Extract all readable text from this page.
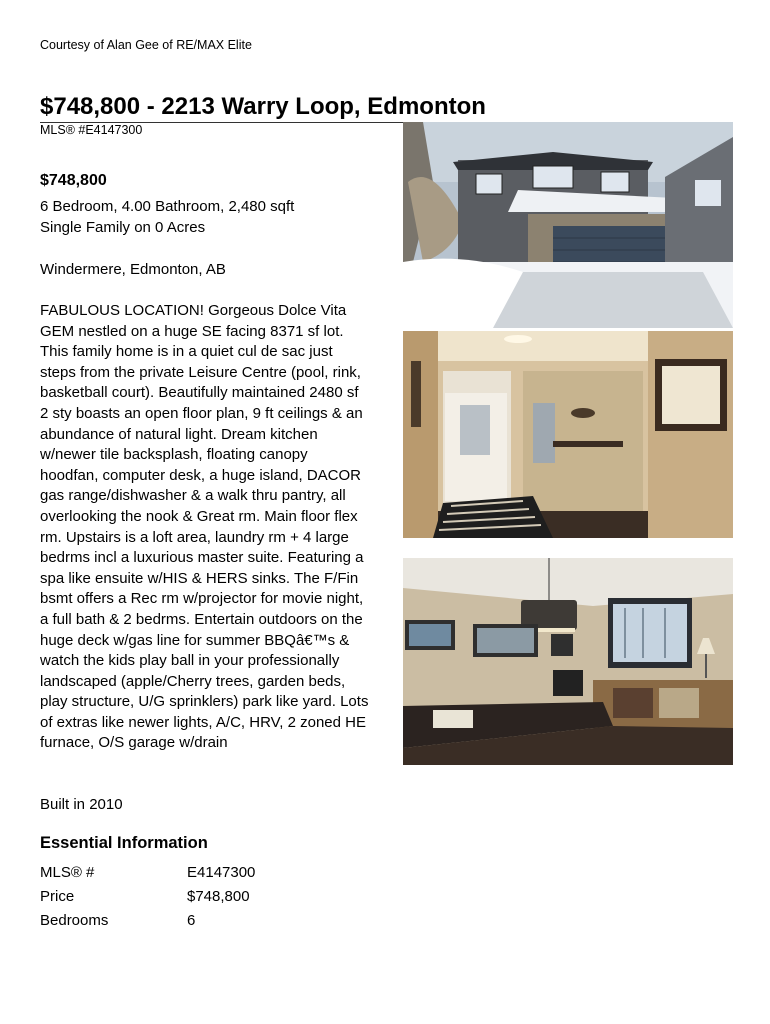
Courtesy of Alan Gee of RE/MAX Elite
$748,800 - 2213 Warry Loop, Edmonton
MLS® #E4147300

$748,800

6 Bedroom, 4.00 Bathroom, 2,480 sqft

Single Family on 0 Acres

Windermere, Edmonton, AB

FABULOUS LOCATION! Gorgeous Dolce Vita GEM nestled on a huge SE facing 8371 sf lot. This family home is in a quiet cul de sac just steps from the private Leisure Centre (pool, rink, basketball court). Beautifully maintained 2480 sf 2 sty boasts an open floor plan, 9 ft ceilings & an abundance of natural light. Dream kitchen w/newer tile backsplash, floating canopy hoodfan, computer desk, a huge island, DACOR gas range/dishwasher & a walk thru pantry, all overlooking the nook & Great rm. Main floor flex rm. Upstairs is a loft area, laundry rm + 4 large bedrms incl a luxurious master suite. Featuring a spa like ensuite w/HIS & HERS sinks. The F/Fin bsmt offers a Rec rm w/projector for movie night, a full bath & 2 bedrms. Entertain outdoors on the huge deck w/gas line for summer BBQâ€™s & watch the kids play ball in your professionally landscaped (apple/Cherry trees, garden beds, play structure, U/G sprinklers) park like yard. Lots of extras like newer lights, A/C, HRV, 2 zoned HE furnace, O/S garage w/drain

Built in 2010

Essential Information
MLS® #	E4147300
Price	$748,800
Bedrooms	6
